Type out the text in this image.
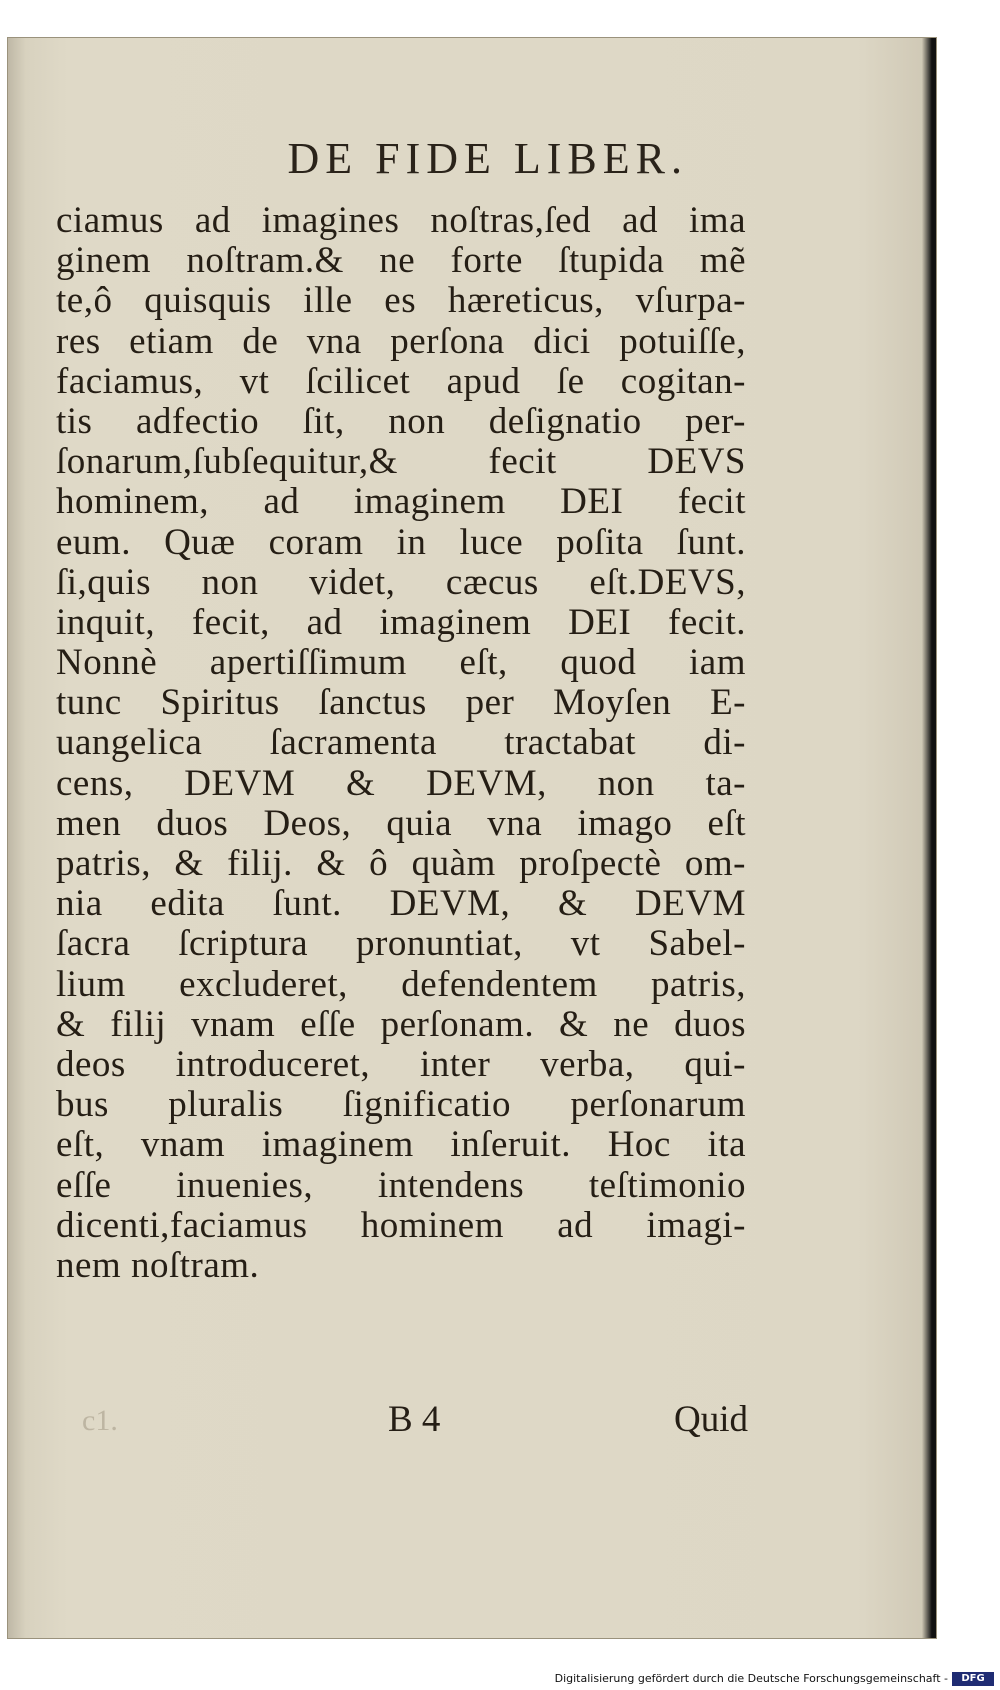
DE FIDE LIBER.
ciamus ad imagines noſtras,ſed ad ima
ginem noſtram.& ne forte ſtupida mẽ
te,ô quisquis ille es hæreticus, vſurpa-
res etiam de vna perſona dici potuiſſe,
faciamus, vt ſcilicet apud ſe cogitan-
tis adfectio ſit, non deſignatio per-
ſonarum,ſubſequitur,& fecit DEVS
hominem, ad imaginem DEI fecit
eum. Quæ coram in luce poſita ſunt.
ſi,quis non videt, cæcus eſt.DEVS,
inquit, fecit, ad imaginem DEI fecit.
Nonnè apertiſſimum eſt, quod iam
tunc Spiritus ſanctus per Moyſen E-
uangelica ſacramenta tractabat di-
cens, DEVM & DEVM, non ta-
men duos Deos, quia vna imago eſt
patris, & filij. & ô quàm proſpectè om-
nia edita ſunt. DEVM, & DEVM
ſacra ſcriptura pronuntiat, vt Sabel-
lium excluderet, defendentem patris,
& filij vnam eſſe perſonam. & ne duos
deos introduceret, inter verba, qui-
bus pluralis ſignificatio perſonarum
eſt, vnam imaginem inſeruit. Hoc ita
eſſe inuenies, intendens teſtimonio
dicenti,faciamus hominem ad imagi-
nem noſtram.
c1.	B 4	Quid
Digitalisierung gefördert durch die Deutsche Forschungsgemeinschaft -	DFG
